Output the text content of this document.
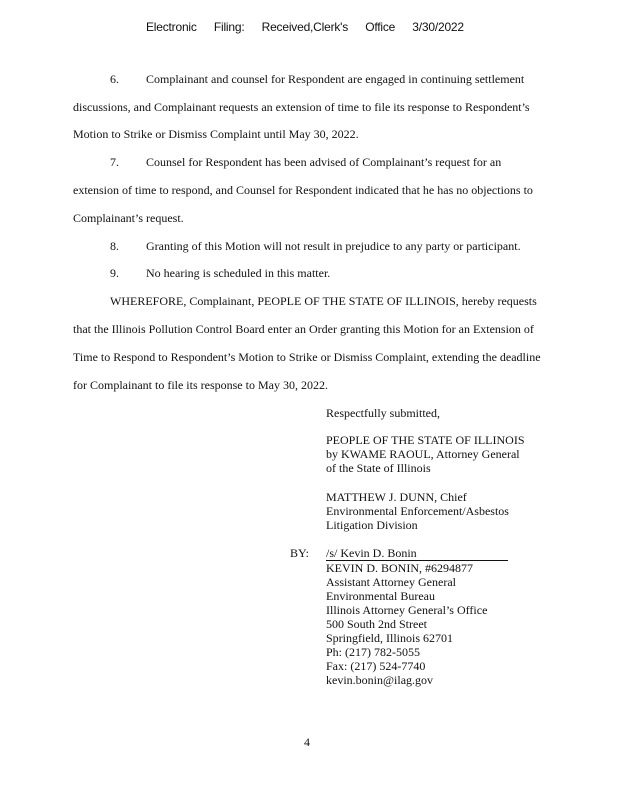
Electronic Filing: Received,Clerk's Office 3/30/2022
6. Complainant and counsel for Respondent are engaged in continuing settlement
discussions, and Complainant requests an extension of time to file its response to Respondent’s
Motion to Strike or Dismiss Complaint until May 30, 2022.
7. Counsel for Respondent has been advised of Complainant’s request for an
extension of time to respond, and Counsel for Respondent indicated that he has no objections to
Complainant’s request.
8. Granting of this Motion will not result in prejudice to any party or participant.
9. No hearing is scheduled in this matter.
WHEREFORE, Complainant, PEOPLE OF THE STATE OF ILLINOIS, hereby requests
that the Illinois Pollution Control Board enter an Order granting this Motion for an Extension of
Time to Respond to Respondent’s Motion to Strike or Dismiss Complaint, extending the deadline
for Complainant to file its response to May 30, 2022.
Respectfully submitted,
PEOPLE OF THE STATE OF ILLINOIS
by KWAME RAOUL, Attorney General
of the State of Illinois
MATTHEW J. DUNN, Chief
Environmental Enforcement/Asbestos
Litigation Division
BY: /s/ Kevin D. Bonin
KEVIN D. BONIN, #6294877
Assistant Attorney General
Environmental Bureau
Illinois Attorney General’s Office
500 South 2nd Street
Springfield, Illinois 62701
Ph: (217) 782-5055
Fax: (217) 524-7740
kevin.bonin@ilag.gov
4
